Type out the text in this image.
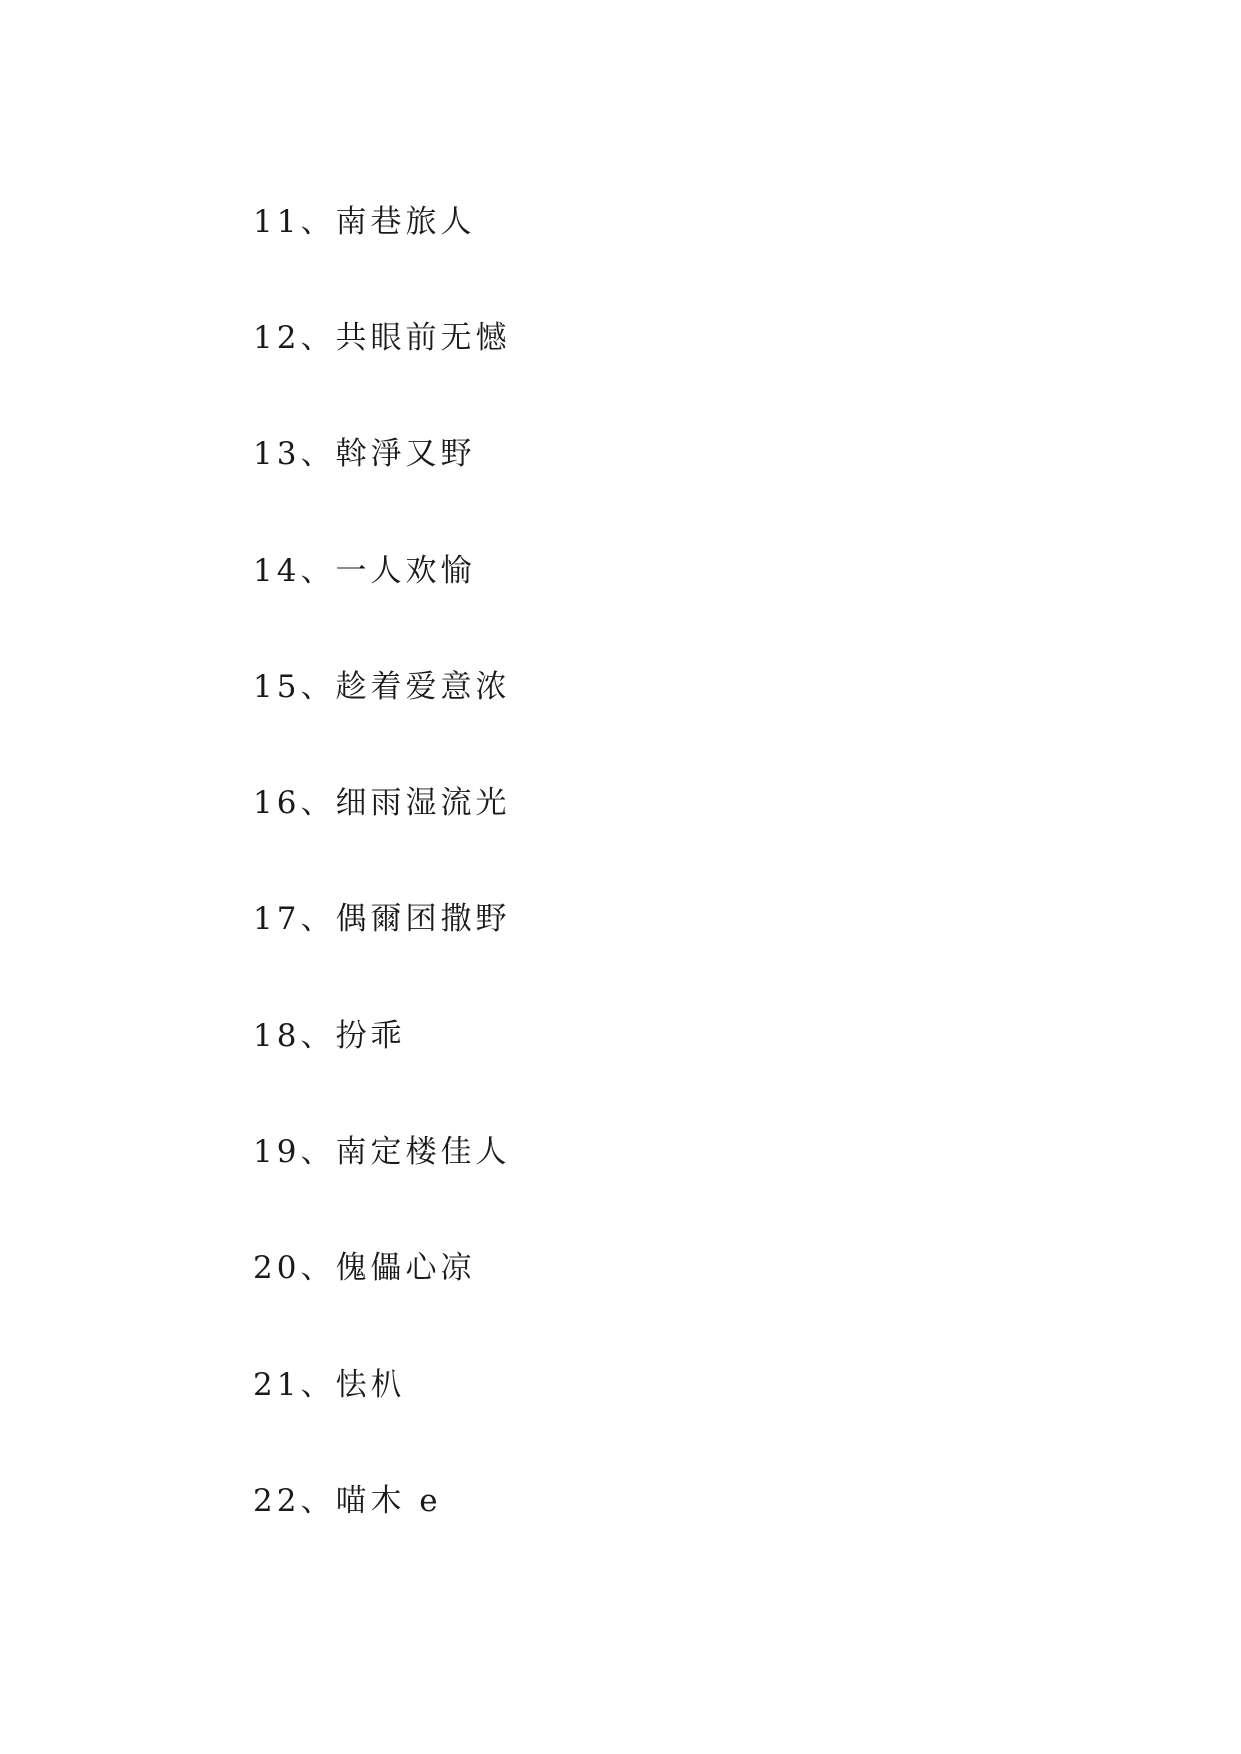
11、南巷旅人
12、共眼前无憾
13、斡淨又野
14、一人欢愉
15、趁着爱意浓
16、细雨湿流光
17、偶爾囨撒野
18、扮乖
19、南定楼佳人
20、傀儡心凉
21、怯朳
22、喵木 e
